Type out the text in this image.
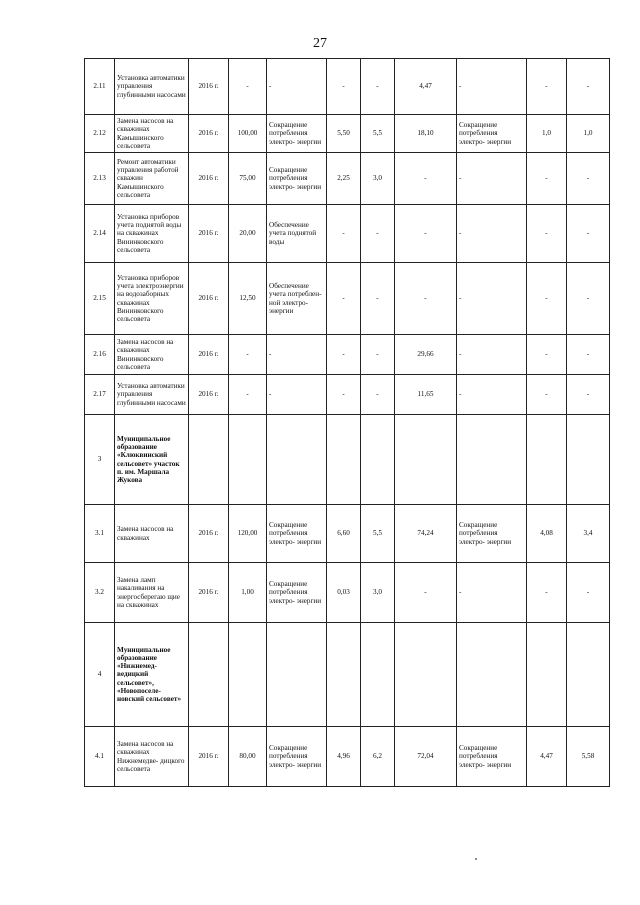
27
2.11	Установка автоматики управления глубинными насосами	2016 г.	-	-	-	-	4,47	-	-	-
2.12	Замена насосов на скважинах Камышинского сельсовета	2016 г.	100,00	Сокращение потребления электро- энергии	5,50	5,5	18,10	Сокращение потребления электро- энергии	1,0	1,0
2.13	Ремонт автоматики управления работой скважин Камышинского сельсовета	2016 г.	75,00	Сокращение потребления электро- энергии	2,25	3,0	-	-	-	-
2.14	Установка приборов учета поднятой воды на скважинах Вининковского сельсовета	2016 г.	20,00	Обеспечение учета поднятой воды	-	-	-	-	-	-
2.15	Установка приборов учета электроэнергии на водозаборных скважинах Вининковского сельсовета	2016 г.	12,50	Обеспечение учета потреблен- ной электро- энергии	-	-	-	-	-	-
2.16	Замена насосов на скважинах Вининковского сельсовета	2016 г.	-	-	-	-	29,66	-	-	-
2.17	Установка автоматики управления глубинными насосами	2016 г.	-	-	-	-	11,65	-	-	-
3	Муниципальное образование «Клюквинский сельсовет» участок п. им. Маршала Жукова									
3.1	Замена насосов на скважинах	2016 г.	120,00	Сокращение потребления электро- энергии	6,60	5,5	74,24	Сокращение потребления электро- энергии	4,08	3,4
3.2	Замена ламп накаливания на энергосберегаю щие на скважинах	2016 г.	1,00	Сокращение потребления электро- энергии	0,03	3,0	-	-	-	-
4	Муниципальное образование «Нижнемед- ведицкий сельсовет», «Новопоселе- новский сельсовет»									
4.1	Замена насосов на скважинах Нижнемедве- дицкого сельсовета	2016 г.	80,00	Сокращение потребления электро- энергии	4,96	6,2	72,04	Сокращение потребления электро- энергии	4,47	5,58
